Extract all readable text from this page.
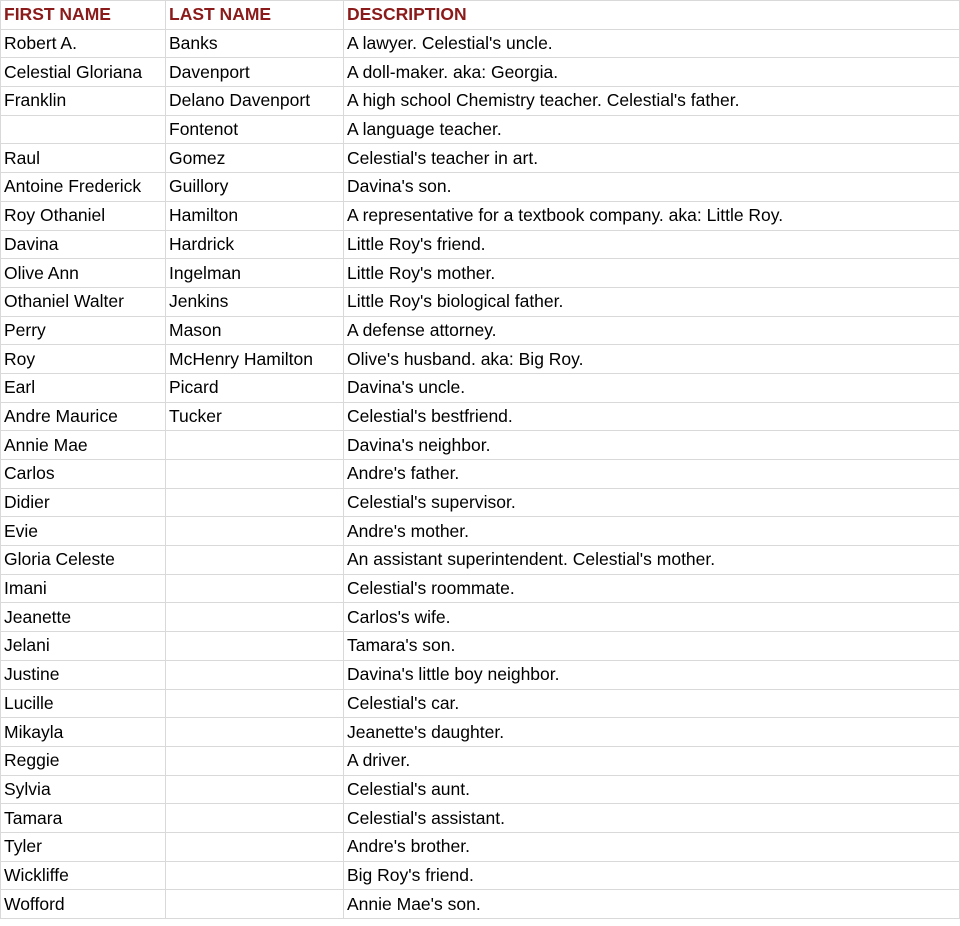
FIRST NAME	LAST NAME	DESCRIPTION
Robert A.	Banks	A lawyer. Celestial's uncle.
Celestial Gloriana	Davenport	A doll-maker. aka: Georgia.
Franklin	Delano Davenport	A high school Chemistry teacher. Celestial's father.
	Fontenot	A language teacher.
Raul	Gomez	Celestial's teacher in art.
Antoine Frederick	Guillory	Davina's son.
Roy Othaniel	Hamilton	A representative for a textbook company. aka: Little Roy.
Davina	Hardrick	Little Roy's friend.
Olive Ann	Ingelman	Little Roy's mother.
Othaniel Walter	Jenkins	Little Roy's biological father.
Perry	Mason	A defense attorney.
Roy	McHenry Hamilton	Olive's husband. aka: Big Roy.
Earl	Picard	Davina's uncle.
Andre Maurice	Tucker	Celestial's bestfriend.
Annie Mae		Davina's neighbor.
Carlos		Andre's father.
Didier		Celestial's supervisor.
Evie		Andre's mother.
Gloria Celeste		An assistant superintendent. Celestial's mother.
Imani		Celestial's roommate.
Jeanette		Carlos's wife.
Jelani		Tamara's son.
Justine		Davina's little boy neighbor.
Lucille		Celestial's car.
Mikayla		Jeanette's daughter.
Reggie		A driver.
Sylvia		Celestial's aunt.
Tamara		Celestial's assistant.
Tyler		Andre's brother.
Wickliffe		Big Roy's friend.
Wofford		Annie Mae's son.
